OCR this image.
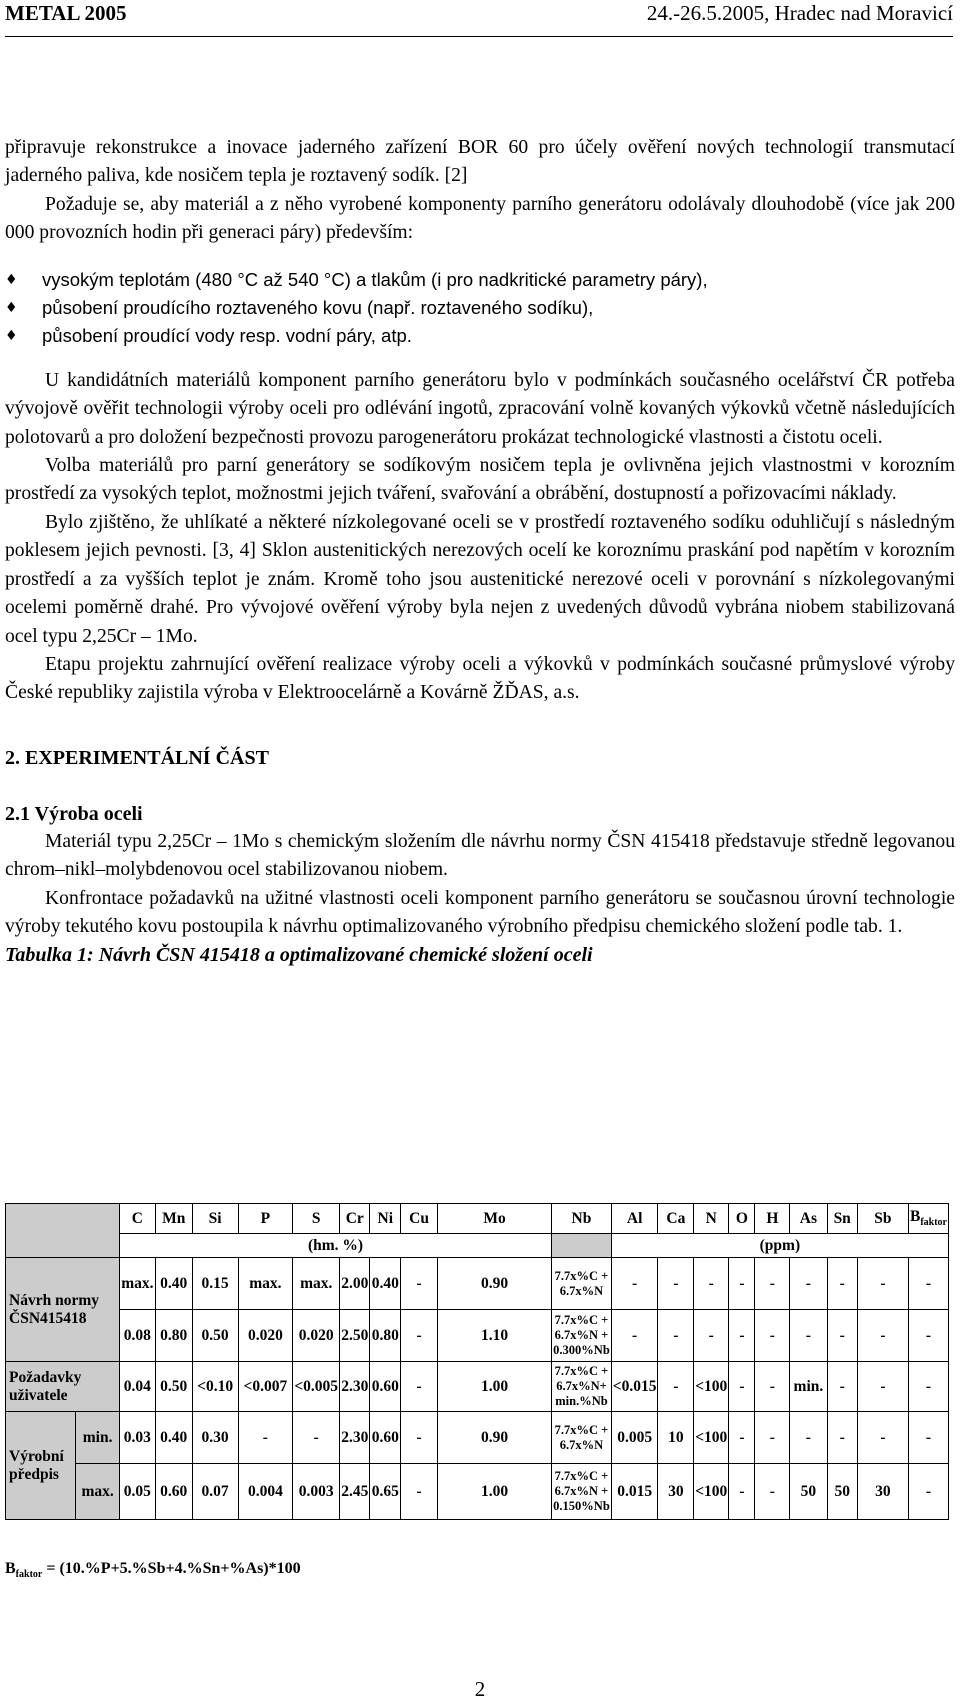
METAL 2005	24.-26.5.2005, Hradec nad Moravicí

připravuje rekonstrukce a inovace jaderného zařízení BOR 60 pro účely ověření nových technologií transmutací jaderného paliva, kde nosičem tepla je roztavený sodík. [2]

Požaduje se, aby materiál a z něho vyrobené komponenty parního generátoru odolávaly dlouhodobě (více jak 200 000 provozních hodin při generaci páry) především:

♦ vysokým teplotám (480 °C až 540 °C) a tlakům (i pro nadkritické parametry páry),
♦ působení proudícího roztaveného kovu (např. roztaveného sodíku),
♦ působení proudící vody resp. vodní páry, atp.

U kandidátních materiálů komponent parního generátoru bylo v podmínkách současného ocelářství ČR potřeba vývojově ověřit technologii výroby oceli pro odlévání ingotů, zpracování volně kovaných výkovků včetně následujících polotovarů a pro doložení bezpečnosti provozu parogenerátoru prokázat technologické vlastnosti a čistotu oceli.

Volba materiálů pro parní generátory se sodíkovým nosičem tepla je ovlivněna jejich vlastnostmi v korozním prostředí za vysokých teplot, možnostmi jejich tváření, svařování a obrábění, dostupností a pořizovacími náklady.

Bylo zjištěno, že uhlíkaté a některé nízkolegované oceli se v prostředí roztaveného sodíku oduhličují s následným poklesem jejich pevnosti. [3, 4] Sklon austenitických nerezových ocelí ke koroznímu praskání pod napětím v korozním prostředí a za vyšších teplot je znám. Kromě toho jsou austenitické nerezové oceli v porovnání s nízkolegovanými ocelemi poměrně drahé. Pro vývojové ověření výroby byla nejen z uvedených důvodů vybrána niobem stabilizovaná ocel typu 2,25Cr – 1Mo.

Etapu projektu zahrnující ověření realizace výroby oceli a výkovků v podmínkách současné průmyslové výroby České republiky zajistila výroba v Elektroocelárně a Kovárně ŽĎAS, a.s.

2. EXPERIMENTÁLNÍ ČÁST
2.1 Výroba oceli

Materiál typu 2,25Cr – 1Mo s chemickým složením dle návrhu normy ČSN 415418 představuje středně legovanou chrom–nikl–molybdenovou ocel stabilizovanou niobem.

Konfrontace požadavků na užitné vlastnosti oceli komponent parního generátoru se současnou úrovní technologie výroby tekutého kovu postoupila k návrhu optimalizovaného výrobního předpisu chemického složení podle tab. 1.

Tabulka 1: Návrh ČSN 415418 a optimalizované chemické složení oceli

		C	Mn	Si	P	S	Cr	Ni	Cu	Mo	Nb	Al	Ca	N	O	H	As	Sn	Sb	$B_{faktor}$
		(hm. %)										(ppm)								
Návrh normy ČSN415418		max.	0.40	0.15	max.	max.	2.00	0.40	-	0.90	7.7x%C + 6.7x%N	-	-	-	-	-	-	-	-	-
		0.08	0.80	0.50	0.020	0.020	2.50	0.80	-	1.10	7.7x%C + 6.7x%N + 0.300%Nb	-	-	-	-	-	-	-	-	-
Požadavky uživatele		0.04	0.50	<0.10	<0.007	<0.005	2.30	0.60	-	1.00	7.7x%C + 6.7x%N+ min.%Nb	<0.015	-	<100	-	-	min.	-	-	-
Výrobní předpis	min.	0.03	0.40	0.30	-	-	2.30	0.60	-	0.90	7.7x%C + 6.7x%N	0.005	10	<100	-	-	-	-	-	-
	max.	0.05	0.60	0.07	0.004	0.003	2.45	0.65	-	1.00	7.7x%C + 6.7x%N + 0.150%Nb	0.015	30	<100	-	-	50	50	30	-
$B_{faktor} = (10.\%P+5.\%Sb+4.\%Sn+\%As)*100$
2
